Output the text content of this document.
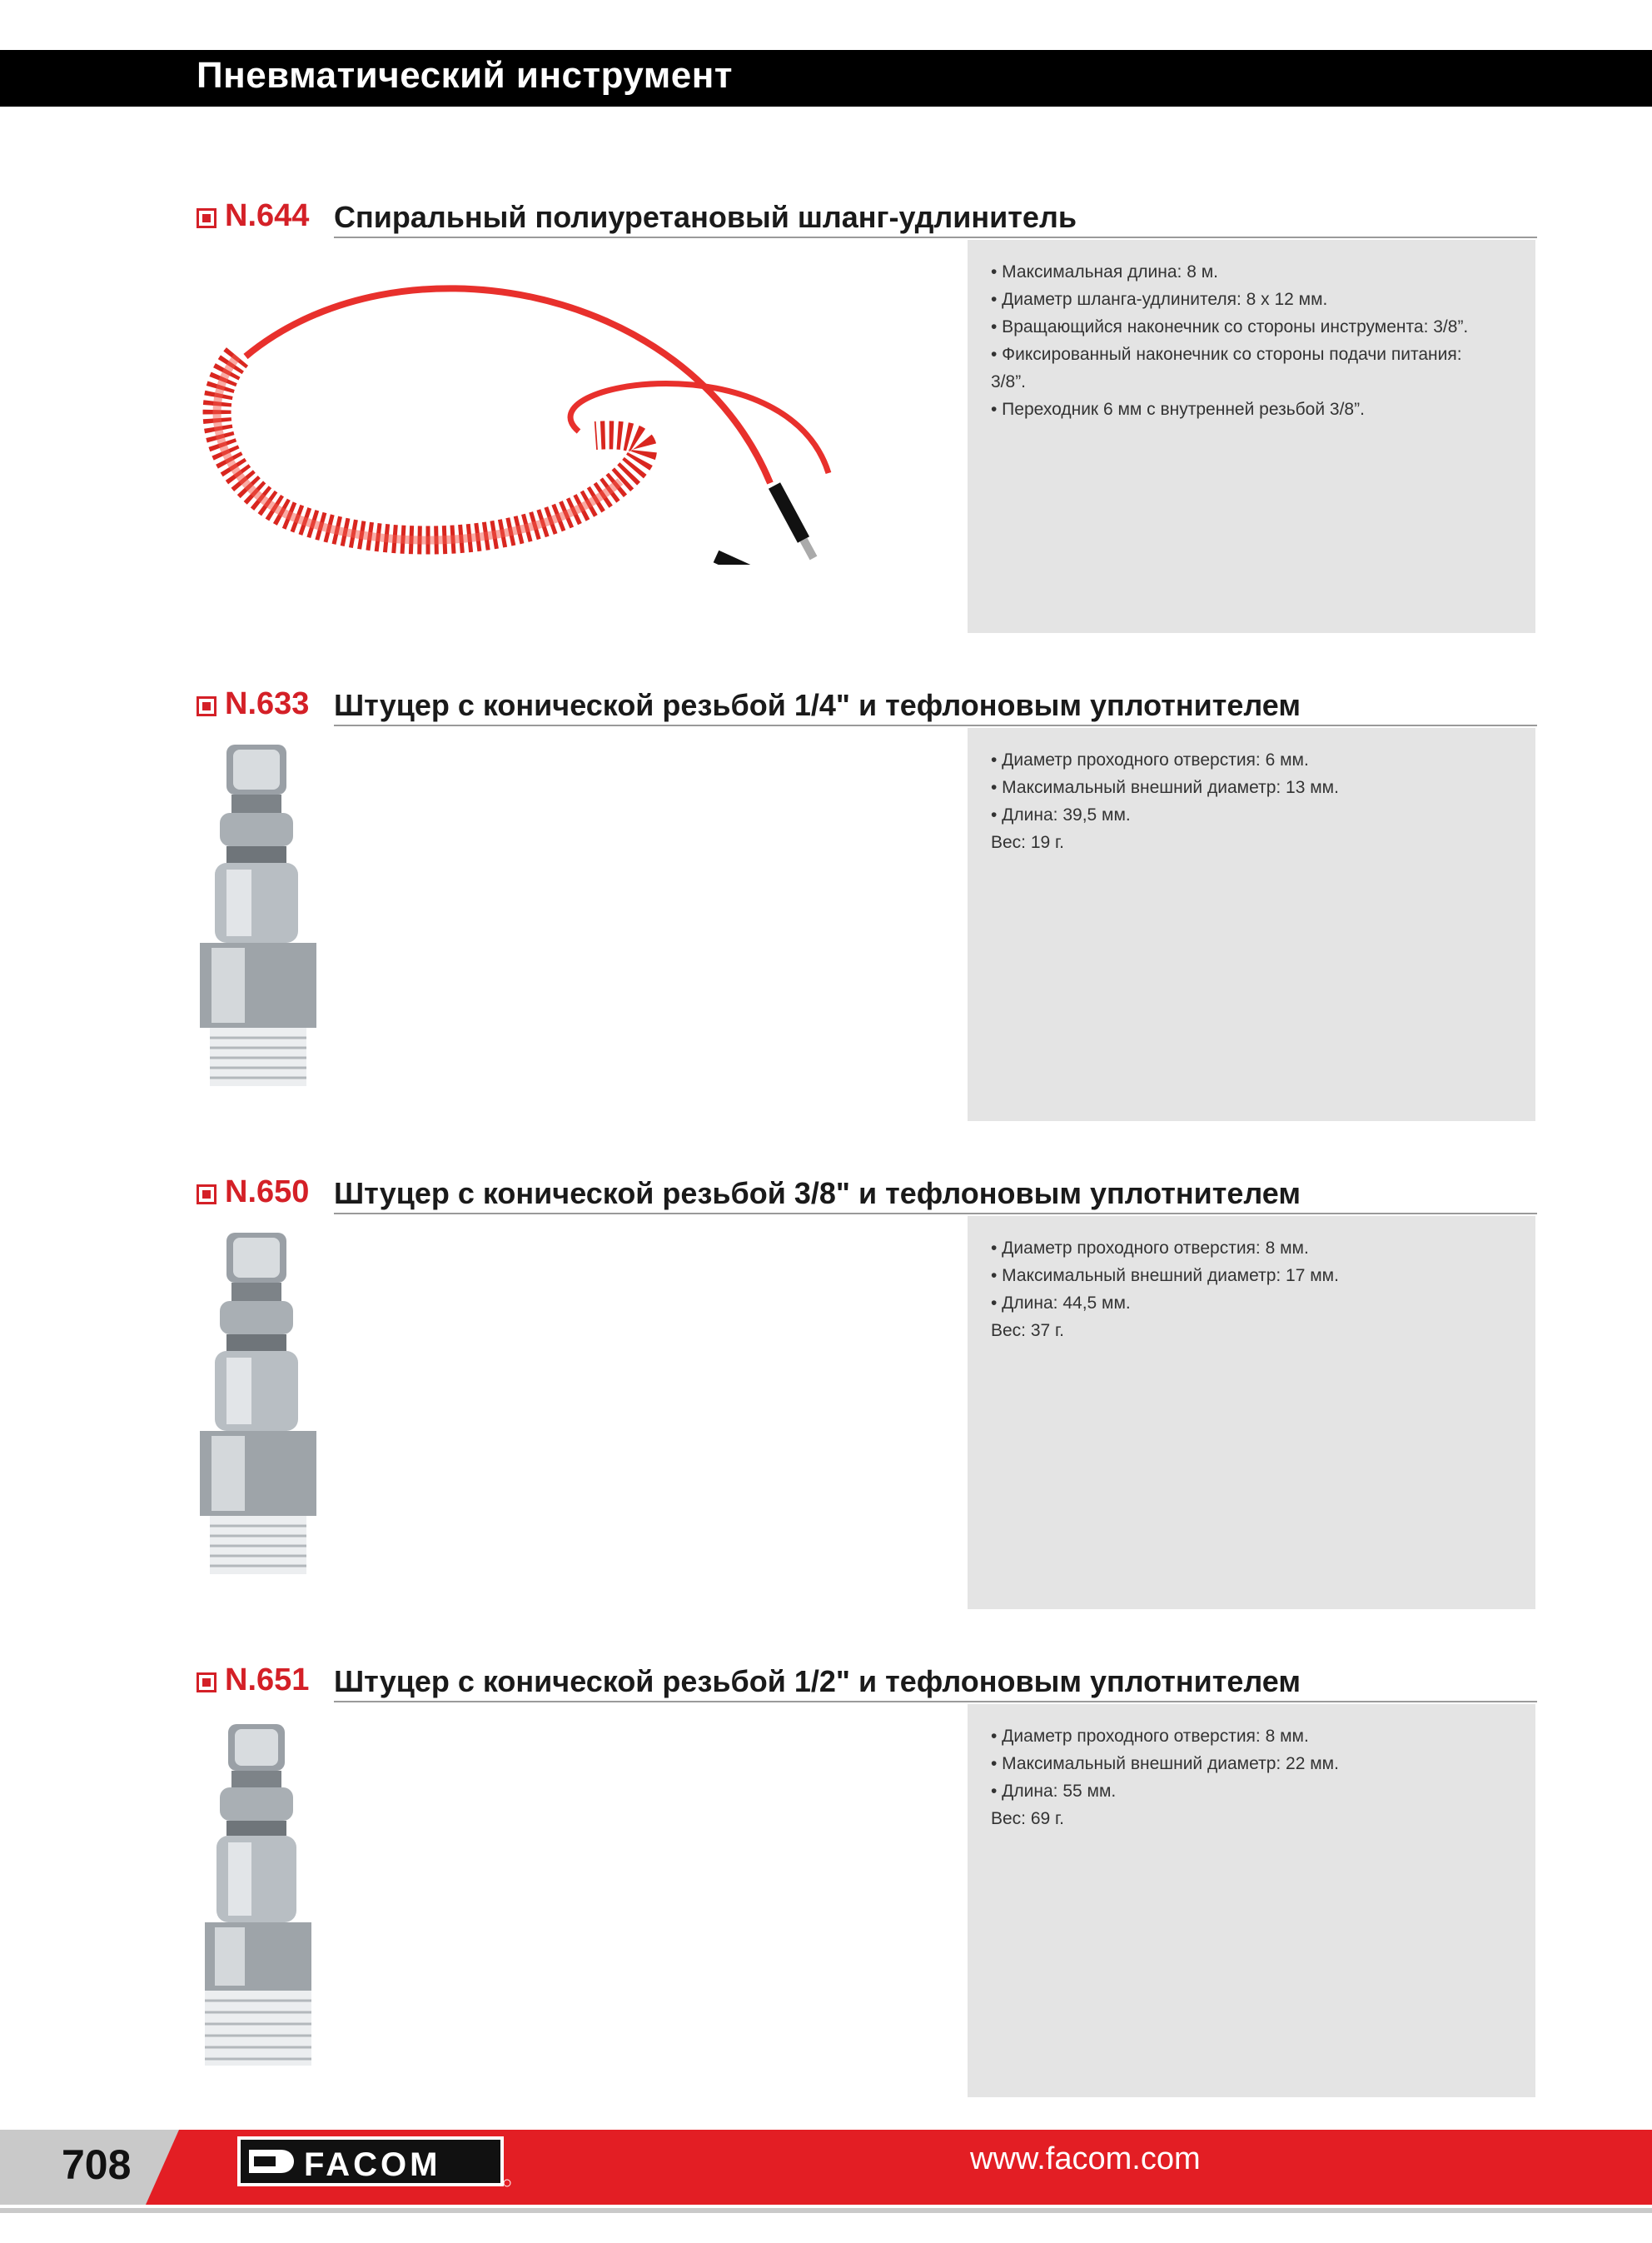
Пневматический инструмент
N.644 Спиральный полиуретановый шланг-удлинитель
• Максимальная длина: 8 м.
• Диаметр шланга-удлинителя: 8 х 12 мм.
• Вращающийся наконечник со стороны инструмента: 3/8”.
• Фиксированный наконечник со стороны подачи питания:
3/8”.
• Переходник 6 мм с внутренней резьбой 3/8”.
N.633 Штуцер с конической резьбой 1/4" и тефлоновым уплотнителем
• Диаметр проходного отверстия: 6 мм.
• Максимальный внешний диаметр: 13 мм.
• Длина: 39,5 мм.
Вес: 19 г.
N.650 Штуцер с конической резьбой 3/8" и тефлоновым уплотнителем
• Диаметр проходного отверстия: 8 мм.
• Максимальный внешний диаметр: 17 мм.
• Длина: 44,5 мм.
Вес: 37 г.
N.651 Штуцер с конической резьбой 1/2" и тефлоновым уплотнителем
• Диаметр проходного отверстия: 8 мм.
• Максимальный внешний диаметр: 22 мм.
• Длина: 55 мм.
Вес: 69 г.
708	FACOM	www.facom.com
